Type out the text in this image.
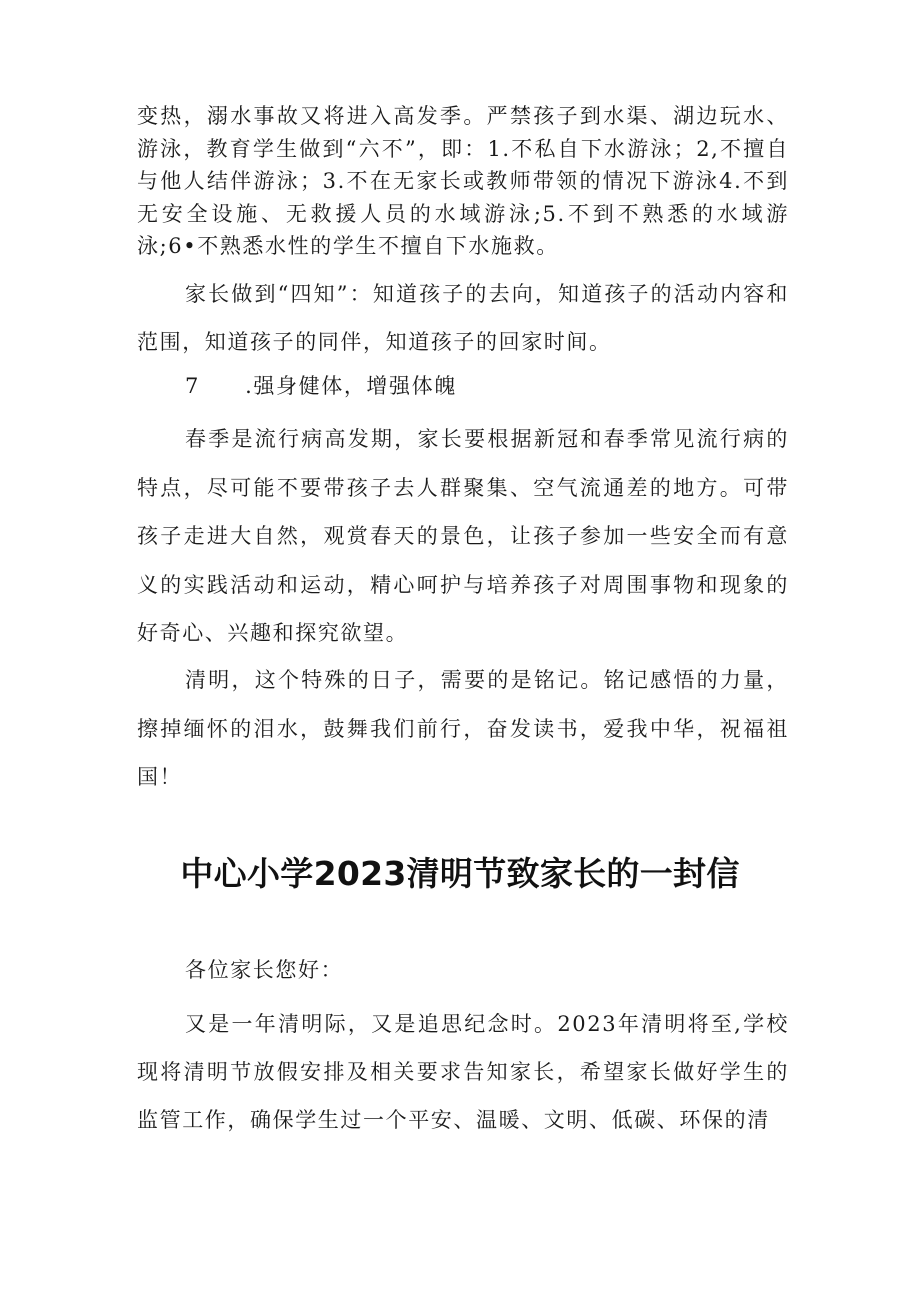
变热，溺水事故又将进入高发季。严禁孩子到水渠、湖边玩水、游泳，教育学生做到“六不”，即：1.不私自下水游泳；2,不擅自与他人结伴游泳；3.不在无家长或教师带领的情况下游泳4.不到无安全设施、无救援人员的水域游泳;5.不到不熟悉的水域游泳;6•不熟悉水性的学生不擅自下水施救。

家长做到“四知”：知道孩子的去向，知道孩子的活动内容和范围，知道孩子的同伴，知道孩子的回家时间。

7　　.强身健体，增强体魄

春季是流行病高发期，家长要根据新冠和春季常见流行病的特点，尽可能不要带孩子去人群聚集、空气流通差的地方。可带孩子走进大自然，观赏春天的景色，让孩子参加一些安全而有意义的实践活动和运动，精心呵护与培养孩子对周围事物和现象的好奇心、兴趣和探究欲望。

清明，这个特殊的日子，需要的是铭记。铭记感悟的力量，擦掉缅怀的泪水，鼓舞我们前行，奋发读书，爱我中华，祝福祖国！

中心小学2023清明节致家长的一封信

各位家长您好：

又是一年清明际，又是追思纪念时。2023年清明将至,学校现将清明节放假安排及相关要求告知家长，希望家长做好学生的监管工作，确保学生过一个平安、温暖、文明、低碳、环保的清
